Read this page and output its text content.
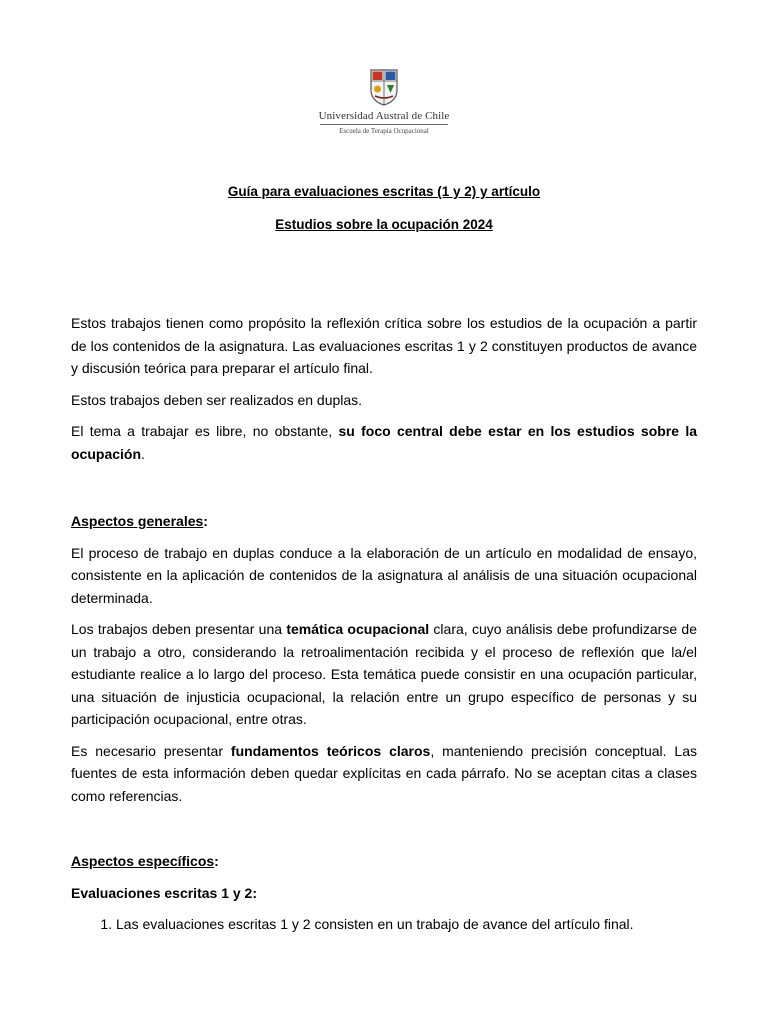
Universidad Austral de Chile
Escuela de Terapia Ocupacional
Guía para evaluaciones escritas (1 y 2) y artículo
Estudios sobre la ocupación 2024

Estos trabajos tienen como propósito la reflexión crítica sobre los estudios de la ocupación a partir de los contenidos de la asignatura. Las evaluaciones escritas 1 y 2 constituyen productos de avance y discusión teórica para preparar el artículo final.

Estos trabajos deben ser realizados en duplas.

El tema a trabajar es libre, no obstante, su foco central debe estar en los estudios sobre la ocupación.

Aspectos generales:

El proceso de trabajo en duplas conduce a la elaboración de un artículo en modalidad de ensayo, consistente en la aplicación de contenidos de la asignatura al análisis de una situación ocupacional determinada.

Los trabajos deben presentar una temática ocupacional clara, cuyo análisis debe profundizarse de un trabajo a otro, considerando la retroalimentación recibida y el proceso de reflexión que la/el estudiante realice a lo largo del proceso. Esta temática puede consistir en una ocupación particular, una situación de injusticia ocupacional, la relación entre un grupo específico de personas y su participación ocupacional, entre otras.

Es necesario presentar fundamentos teóricos claros, manteniendo precisión conceptual. Las fuentes de esta información deben quedar explícitas en cada párrafo. No se aceptan citas a clases como referencias.

Aspectos específicos:

Evaluaciones escritas 1 y 2:

1. Las evaluaciones escritas 1 y 2 consisten en un trabajo de avance del artículo final.
